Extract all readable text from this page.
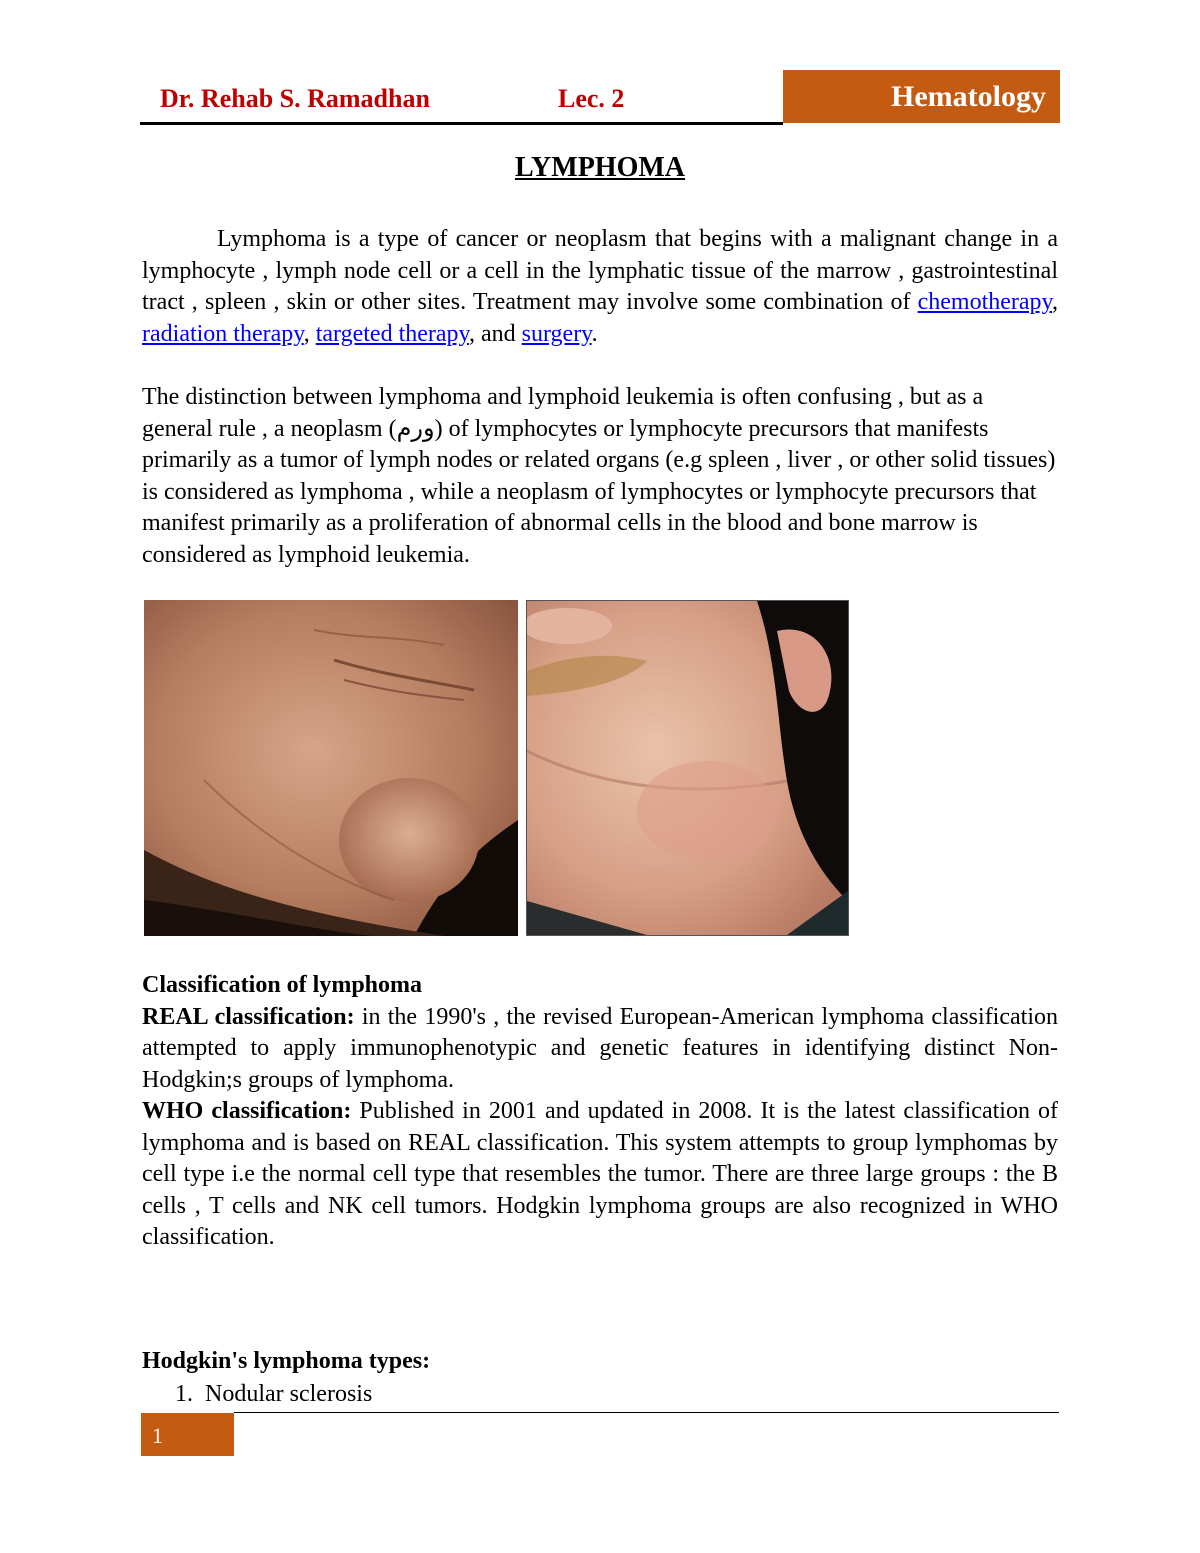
Dr. Rehab S. Ramadhan	Lec. 2	Hematology
LYMPHOMA
Lymphoma is a type of cancer or neoplasm that begins with a malignant change in a lymphocyte , lymph node cell or a cell in the lymphatic tissue of the marrow , gastrointestinal tract , spleen , skin or other sites. Treatment may involve some combination of chemotherapy, radiation therapy, targeted therapy, and surgery.
The distinction between lymphoma and lymphoid leukemia is often confusing , but as a general rule , a neoplasm (ورم) of lymphocytes or lymphocyte precursors that manifests primarily as a tumor of lymph nodes or related organs (e.g spleen , liver , or other solid tissues) is considered as lymphoma , while a neoplasm of lymphocytes or lymphocyte precursors that manifest primarily as a proliferation of abnormal cells in the blood and bone marrow is considered as lymphoid leukemia.
Classification of lymphoma
REAL classification: in the 1990's , the revised European-American lymphoma classification attempted to apply immunophenotypic and genetic features in identifying distinct Non-Hodgkin;s groups of lymphoma.
WHO classification: Published in 2001 and updated in 2008. It is the latest classification of lymphoma and is based on REAL classification. This system attempts to group lymphomas by cell type i.e the normal cell type that resembles the tumor. There are three large groups : the B cells , T cells and NK cell tumors. Hodgkin lymphoma groups are also recognized in WHO classification.
Hodgkin's lymphoma types:
1. Nodular sclerosis
1
